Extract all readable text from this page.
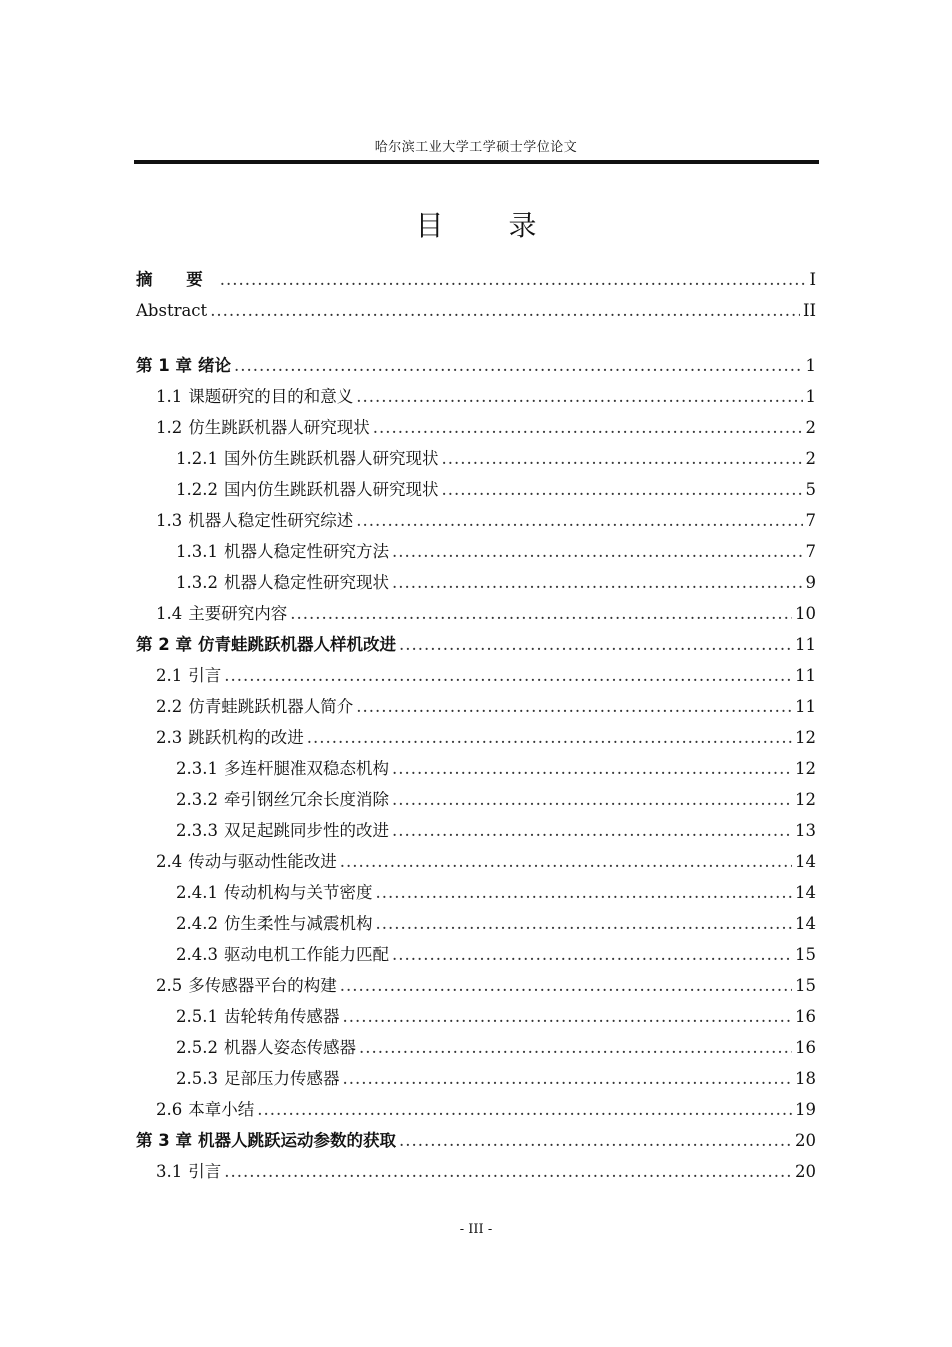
哈尔滨工业大学工学硕士学位论文
目 录
摘 要 .....	I
Abstract .....	II
第 1 章 绪论 .....	1
1.1 课题研究的目的和意义 .....	1
1.2 仿生跳跃机器人研究现状 .....	2
1.2.1 国外仿生跳跃机器人研究现状 .....	2
1.2.2 国内仿生跳跃机器人研究现状 .....	5
1.3 机器人稳定性研究综述 .....	7
1.3.1 机器人稳定性研究方法 .....	7
1.3.2 机器人稳定性研究现状 .....	9
1.4 主要研究内容 .....	10
第 2 章 仿青蛙跳跃机器人样机改进 .....	11
2.1 引言 .....	11
2.2 仿青蛙跳跃机器人简介 .....	11
2.3 跳跃机构的改进 .....	12
2.3.1 多连杆腿准双稳态机构 .....	12
2.3.2 牵引钢丝冗余长度消除 .....	12
2.3.3 双足起跳同步性的改进 .....	13
2.4 传动与驱动性能改进 .....	14
2.4.1 传动机构与关节密度 .....	14
2.4.2 仿生柔性与减震机构 .....	14
2.4.3 驱动电机工作能力匹配 .....	15
2.5 多传感器平台的构建 .....	15
2.5.1 齿轮转角传感器 .....	16
2.5.2 机器人姿态传感器 .....	16
2.5.3 足部压力传感器 .....	18
2.6 本章小结 .....	19
第 3 章 机器人跳跃运动参数的获取 .....	20
3.1 引言 .....	20
- III -
